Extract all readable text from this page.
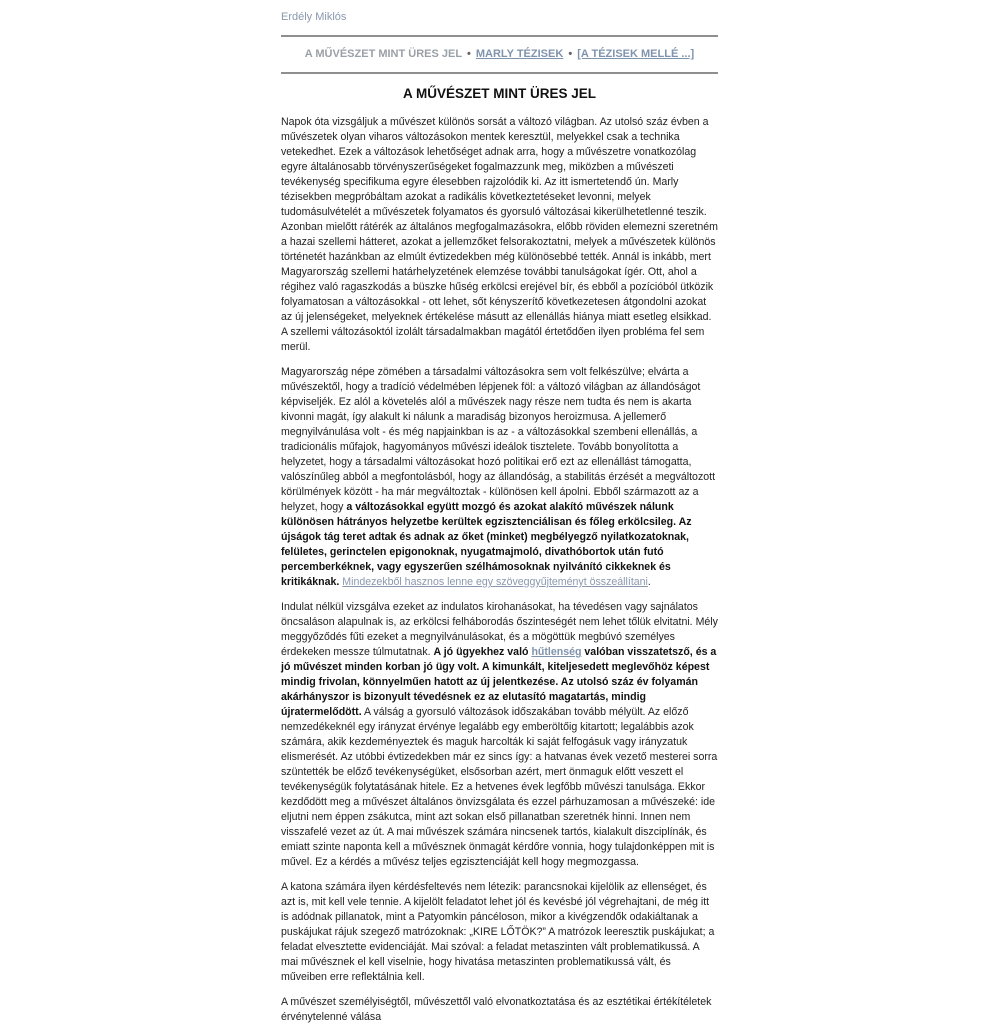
Erdély Miklós
A MŰVÉSZET MINT ÜRES JEL • MARLY TÉZISEK • [A TÉZISEK MELLÉ ...]
A MŰVÉSZET MINT ÜRES JEL

Napok óta vizsgáljuk a művészet különös sorsát a változó világban. Az utolsó száz évben a művészetek olyan viharos változásokon mentek keresztül, melyekkel csak a technika vetekedhet. Ezek a változások lehetőséget adnak arra, hogy a művészetre vonatkozólag egyre általánosabb törvényszerűségeket fogalmazzunk meg, miközben a művészeti tevékenység specifikuma egyre élesebben rajzolódik ki. Az itt ismertetendő ún. Marly tézisekben megpróbáltam azokat a radikális következtetéseket levonni, melyek tudomásulvételét a művészetek folyamatos és gyorsuló változásai kikerülhetetlenné teszik. Azonban mielőtt rátérék az általános megfogalmazásokra, előbb röviden elemezni szeretném a hazai szellemi hátteret, azokat a jellemzőket felsorakoztatni, melyek a művészetek különös történetét hazánkban az elmúlt évtizedekben még különösebbé tették. Annál is inkább, mert Magyarország szellemi határhelyzetének elemzése további tanulságokat ígér. Ott, ahol a régihez való ragaszkodás a büszke hűség erkölcsi erejével bír, és ebből a pozícióból ütközik folyamatosan a változásokkal - ott lehet, sőt kényszerítő következetesen átgondolni azokat az új jelenségeket, melyeknek értékelése másutt az ellenállás hiánya miatt esetleg elsikkad. A szellemi változásoktól izolált társadalmakban magától értetődően ilyen probléma fel sem merül.

Magyarország népe zömében a társadalmi változásokra sem volt felkészülve; elvárta a művészektől, hogy a tradíció védelmében lépjenek föl: a változó világban az állandóságot képviseljék. Ez alól a követelés alól a művészek nagy része nem tudta és nem is akarta kivonni magát, így alakult ki nálunk a maradiság bizonyos heroizmusa. A jellemerő megnyilvánulása volt - és még napjainkban is az - a változásokkal szembeni ellenállás, a tradicionális műfajok, hagyományos művészi ideálok tisztelete. Tovább bonyolította a helyzetet, hogy a társadalmi változásokat hozó politikai erő ezt az ellenállást támogatta, valószínűleg abból a megfontolásból, hogy az állandóság, a stabilitás érzését a megváltozott körülmények között - ha már megváltoztak - különösen kell ápolni. Ebből származott az a helyzet, hogy a változásokkal együtt mozgó és azokat alakító művészek nálunk különösen hátrányos helyzetbe kerültek egzisztenciálisan és főleg erkölcsileg. Az újságok tág teret adtak és adnak az őket (minket) megbélyegző nyilatkozatoknak, felületes, gerinctelen epigonoknak, nyugatmajmoló, divathóbortok után futó percemberkéknek, vagy egyszerűen szélhámosoknak nyilvánító cikkeknek és kritikáknak. Mindezekből hasznos lenne egy szöveggyűjteményt összeállítani.

Indulat nélkül vizsgálva ezeket az indulatos kirohanásokat, ha tévedésen vagy sajnálatos öncsaláson alapulnak is, az erkölcsi felháborodás őszinteségét nem lehet tőlük elvitatni. Mély meggyőződés fűti ezeket a megnyilvánulásokat, és a mögöttük megbúvó személyes érdekeken messze túlmutatnak. A jó ügyekhez való hűtlenség valóban visszatetsző, és a jó művészet minden korban jó ügy volt. A kimunkált, kiteljesedett meglevőhöz képest mindig frivolan, könnyelműen hatott az új jelentkezése. Az utolsó száz év folyamán akárhányszor is bizonyult tévedésnek ez az elutasító magatartás, mindig újratermelődött. A válság a gyorsuló változások időszakában tovább mélyült. Az előző nemzedékeknél egy irányzat érvénye legalább egy emberöltőig kitartott; legalábbis azok számára, akik kezdeményeztek és maguk harcolták ki saját felfogásuk vagy irányzatuk elismerését. Az utóbbi évtizedekben már ez sincs így: a hatvanas évek vezető mesterei sorra szüntették be előző tevékenységüket, elsősorban azért, mert önmaguk előtt veszett el tevékenységük folytatásának hitele. Ez a hetvenes évek legfőbb művészi tanulsága. Ekkor kezdődött meg a művészet általános önvizsgálata és ezzel párhuzamosan a művészeké: ide eljutni nem éppen zsákutca, mint azt sokan első pillanatban szeretnék hinni. Innen nem visszafelé vezet az út. A mai művészek számára nincsenek tartós, kialakult diszciplínák, és emiatt szinte naponta kell a művésznek önmagát kérdőre vonnia, hogy tulajdonképpen mit is művel. Ez a kérdés a művész teljes egzisztenciáját kell hogy megmozgassa.

A katona számára ilyen kérdésfeltevés nem létezik: parancsnokai kijelölik az ellenséget, és azt is, mit kell vele tennie. A kijelölt feladatot lehet jól és kevésbé jól végrehajtani, de még itt is adódnak pillanatok, mint a Patyomkin páncéloson, mikor a kivégzendők odakiáltanak a puskájukat rájuk szegező matrózoknak: „KIRE LŐTÖK?” A matrózok leeresztik puskájukat; a feladat elvesztette evidenciáját. Mai szóval: a feladat metaszinten vált problematikussá. A mai művésznek el kell viselnie, hogy hivatása metaszinten problematikussá vált, és műveiben erre reflektálnia kell.

A művészet személyiségtől, művészettől való elvonatkoztatása és az esztétikai értékítéletek érvénytelenné válása
